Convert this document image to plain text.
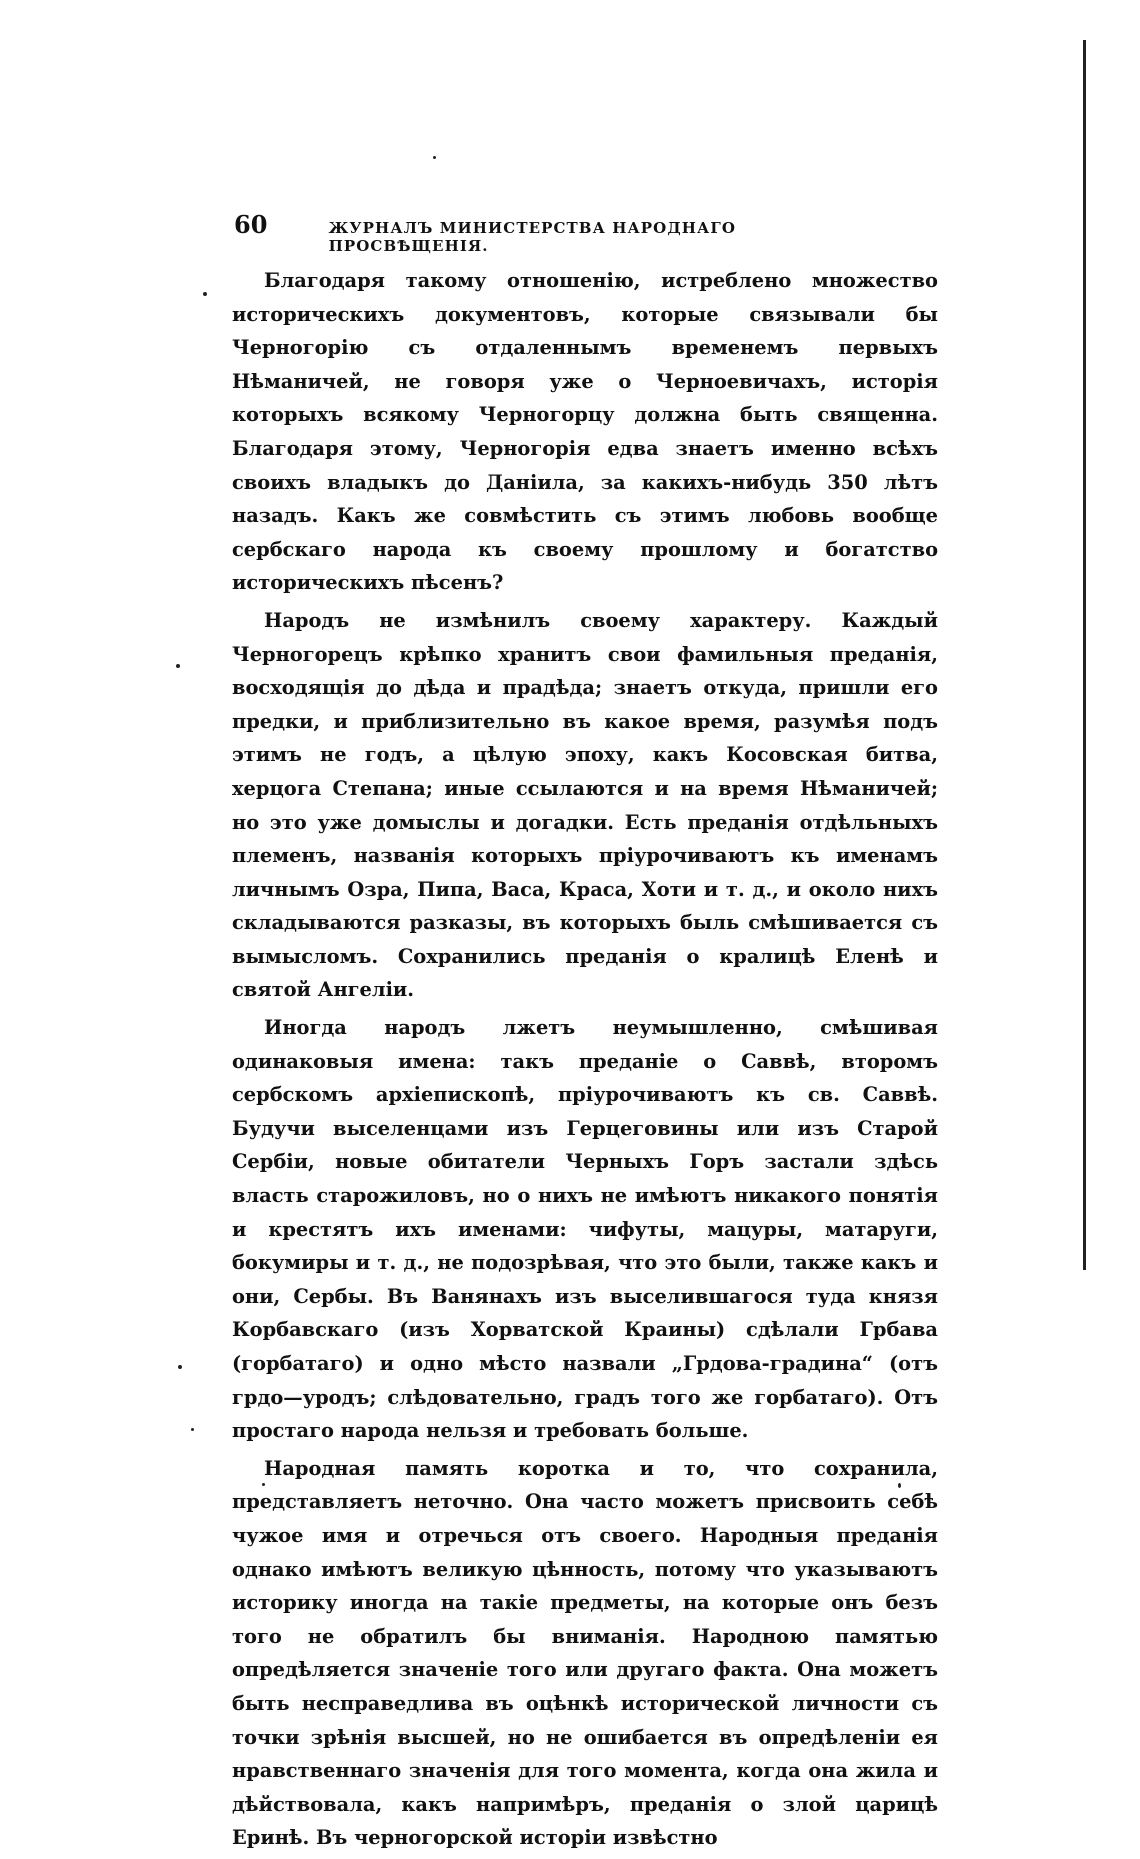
60	ЖУРНАЛЪ МИНИСТЕРСТВА НАРОДНАГО ПРОСВѢЩЕНІЯ.

Благодаря такому отношенію, истреблено множество историческихъ документовъ, которые связывали бы Черногорію съ отдаленнымъ временемъ первыхъ Нѣманичей, не говоря уже о Черноевичахъ, исторія которыхъ всякому Черногорцу должна быть священна. Благодаря этому, Черногорія едва знаетъ именно всѣхъ своихъ владыкъ до Даніила, за какихъ-нибудь 350 лѣтъ назадъ. Какъ же совмѣстить съ этимъ любовь вообще сербскаго народа къ своему прошлому и богатство историческихъ пѣсенъ?

Народъ не измѣнилъ своему характеру. Каждый Черногорецъ крѣпко хранитъ свои фамильныя преданія, восходящія до дѣда и прадѣда; знаетъ откуда, пришли его предки, и приблизительно въ какое время, разумѣя подъ этимъ не годъ, а цѣлую эпоху, какъ Косовская битва, херцога Степана; иные ссылаются и на время Нѣманичей; но это уже домыслы и догадки. Есть преданія отдѣльныхъ племенъ, названія которыхъ пріурочиваютъ къ именамъ личнымъ Озра, Пипа, Васа, Краса, Хоти и т. д., и около нихъ складываются разказы, въ которыхъ быль смѣшивается съ вымысломъ. Сохранились преданія о кралицѣ Еленѣ и святой Ангеліи.

Иногда народъ лжетъ неумышленно, смѣшивая одинаковыя имена: такъ преданіе о Саввѣ, второмъ сербскомъ архіепископѣ, пріурочиваютъ къ св. Саввѣ. Будучи выселенцами изъ Герцеговины или изъ Старой Сербіи, новые обитатели Черныхъ Горъ застали здѣсь власть старожиловъ, но о нихъ не имѣютъ никакого понятія и крестятъ ихъ именами: чифуты, мацуры, матаруги, бокумиры и т. д., не подозрѣвая, что это были, также какъ и они, Сербы. Въ Ванянахъ изъ выселившагося туда князя Корбавскаго (изъ Хорватской Краины) сдѣлали Грбава (горбатаго) и одно мѣсто назвали „Грдова-градина“ (отъ грдо—уродъ; слѣдовательно, градъ того же горбатаго). Отъ простаго народа нельзя и требовать больше.

Народная память коротка и то, что сохранила, представляетъ неточно. Она часто можетъ присвоить себѣ чужое имя и отречься отъ своего. Народныя преданія однако имѣютъ великую цѣнность, потому что указываютъ историку иногда на такіе предметы, на которые онъ безъ того не обратилъ бы вниманія. Народною памятью опредѣляется значеніе того или другаго факта. Она можетъ быть несправедлива въ оцѣнкѣ исторической личности съ точки зрѣнія высшей, но не ошибается въ опредѣленіи ея нравственнаго значенія для того момента, когда она жила и дѣйствовала, какъ напримѣръ, преданія о злой царицѣ Еринѣ. Въ черногорской исторіи извѣстно
